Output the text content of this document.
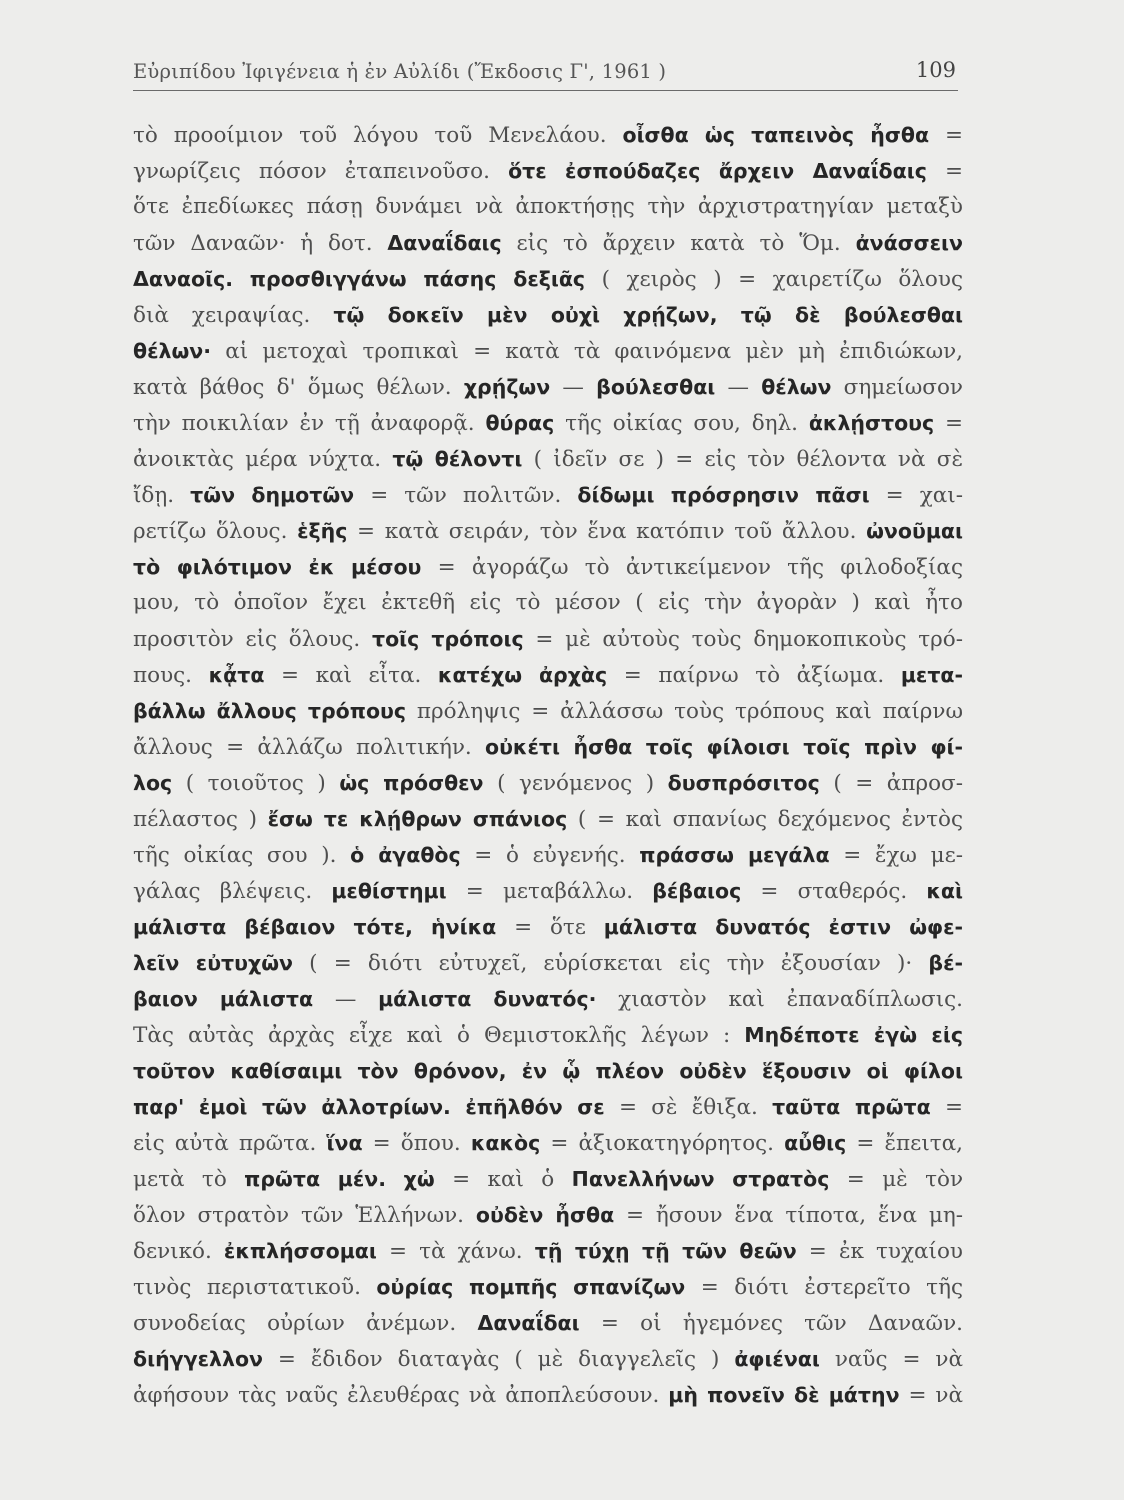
Εὐριπίδου Ἰφιγένεια ἡ ἐν Αὐλίδι (Ἔκδοσις Γ', 1961 )	109
τὸ προοίμιον τοῦ λόγου τοῦ Μενελάου. οἶσθα ὡς ταπεινὸς ἦσθα =
γνωρίζεις πόσον ἐταπεινοῦσο. ὅτε ἐσπούδαζες ἄρχειν Δαναΐδαις =
ὅτε ἐπεδίωκες πάσῃ δυνάμει νὰ ἀποκτήσῃς τὴν ἀρχιστρατηγίαν μεταξὺ
τῶν Δαναῶν· ἡ δοτ. Δαναΐδαις εἰς τὸ ἄρχειν κατὰ τὸ Ὅμ. ἀνάσσειν
Δαναοῖς. προσθιγγάνω πάσης δεξιᾶς ( χειρὸς ) = χαιρετίζω ὅλους
διὰ χειραψίας. τῷ δοκεῖν μὲν οὐχὶ χρῄζων, τῷ δὲ βούλεσθαι
θέλων· αἱ μετοχαὶ τροπικαὶ = κατὰ τὰ φαινόμενα μὲν μὴ ἐπιδιώκων,
κατὰ βάθος δ' ὅμως θέλων. χρῄζων — βούλεσθαι — θέλων σημείωσον
τὴν ποικιλίαν ἐν τῇ ἀναφορᾷ. θύρας τῆς οἰκίας σου, δηλ. ἀκλῄστους =
ἀνοικτὰς μέρα νύχτα. τῷ θέλοντι ( ἰδεῖν σε ) = εἰς τὸν θέλοντα νὰ σὲ
ἴδῃ. τῶν δημοτῶν = τῶν πολιτῶν. δίδωμι πρόσρησιν πᾶσι = χαι-
ρετίζω ὅλους. ἑξῆς = κατὰ σειράν, τὸν ἕνα κατόπιν τοῦ ἄλλου. ὠνοῦμαι
τὸ φιλότιμον ἐκ μέσου = ἀγοράζω τὸ ἀντικείμενον τῆς φιλοδοξίας
μου, τὸ ὁποῖον ἔχει ἐκτεθῆ εἰς τὸ μέσον ( εἰς τὴν ἀγορὰν ) καὶ ἦτο
προσιτὸν εἰς ὅλους. τοῖς τρόποις = μὲ αὐτοὺς τοὺς δημοκοπικοὺς τρό-
πους. κᾆτα = καὶ εἶτα. κατέχω ἀρχὰς = παίρνω τὸ ἀξίωμα. μετα-
βάλλω ἄλλους τρόπους πρόληψις = ἀλλάσσω τοὺς τρόπους καὶ παίρνω
ἄλλους = ἀλλάζω πολιτικήν. οὐκέτι ἦσθα τοῖς φίλοισι τοῖς πρὶν φί-
λος ( τοιοῦτος ) ὡς πρόσθεν ( γενόμενος ) δυσπρόσιτος ( = ἀπροσ-
πέλαστος ) ἔσω τε κλῄθρων σπάνιος ( = καὶ σπανίως δεχόμενος ἐντὸς
τῆς οἰκίας σου ). ὁ ἀγαθὸς = ὁ εὐγενής. πράσσω μεγάλα = ἔχω με-
γάλας βλέψεις. μεθίστημι = μεταβάλλω. βέβαιος = σταθερός. καὶ
μάλιστα βέβαιον τότε, ἡνίκα = ὅτε μάλιστα δυνατός ἐστιν ὠφε-
λεῖν εὐτυχῶν ( = διότι εὐτυχεῖ, εὑρίσκεται εἰς τὴν ἐξουσίαν )· βέ-
βαιον μάλιστα — μάλιστα δυνατός· χιαστὸν καὶ ἐπαναδίπλωσις.
Τὰς αὐτὰς ἀρχὰς εἶχε καὶ ὁ Θεμιστοκλῆς λέγων : Μηδέποτε ἐγὼ εἰς
τοῦτον καθίσαιμι τὸν θρόνον, ἐν ᾧ πλέον οὐδὲν ἕξουσιν οἱ φίλοι
παρ' ἐμοὶ τῶν ἀλλοτρίων. ἐπῆλθόν σε = σὲ ἔθιξα. ταῦτα πρῶτα =
εἰς αὐτὰ πρῶτα. ἵνα = ὅπου. κακὸς = ἀξιοκατηγόρητος. αὖθις = ἔπειτα,
μετὰ τὸ πρῶτα μέν. χὠ = καὶ ὁ Πανελλήνων στρατὸς = μὲ τὸν
ὅλον στρατὸν τῶν Ἑλλήνων. οὐδὲν ἦσθα = ἤσουν ἕνα τίποτα, ἕνα μη-
δενικό. ἐκπλήσσομαι = τὰ χάνω. τῇ τύχῃ τῇ τῶν θεῶν = ἐκ τυχαίου
τινὸς περιστατικοῦ. οὐρίας πομπῆς σπανίζων = διότι ἐστερεῖτο τῆς
συνοδείας οὐρίων ἀνέμων. Δαναΐδαι = οἱ ἡγεμόνες τῶν Δαναῶν.
διήγγελλον = ἔδιδον διαταγὰς ( μὲ διαγγελεῖς ) ἀφιέναι ναῦς = νὰ
ἀφήσουν τὰς ναῦς ἐλευθέρας νὰ ἀποπλεύσουν. μὴ πονεῖν δὲ μάτην = νὰ
